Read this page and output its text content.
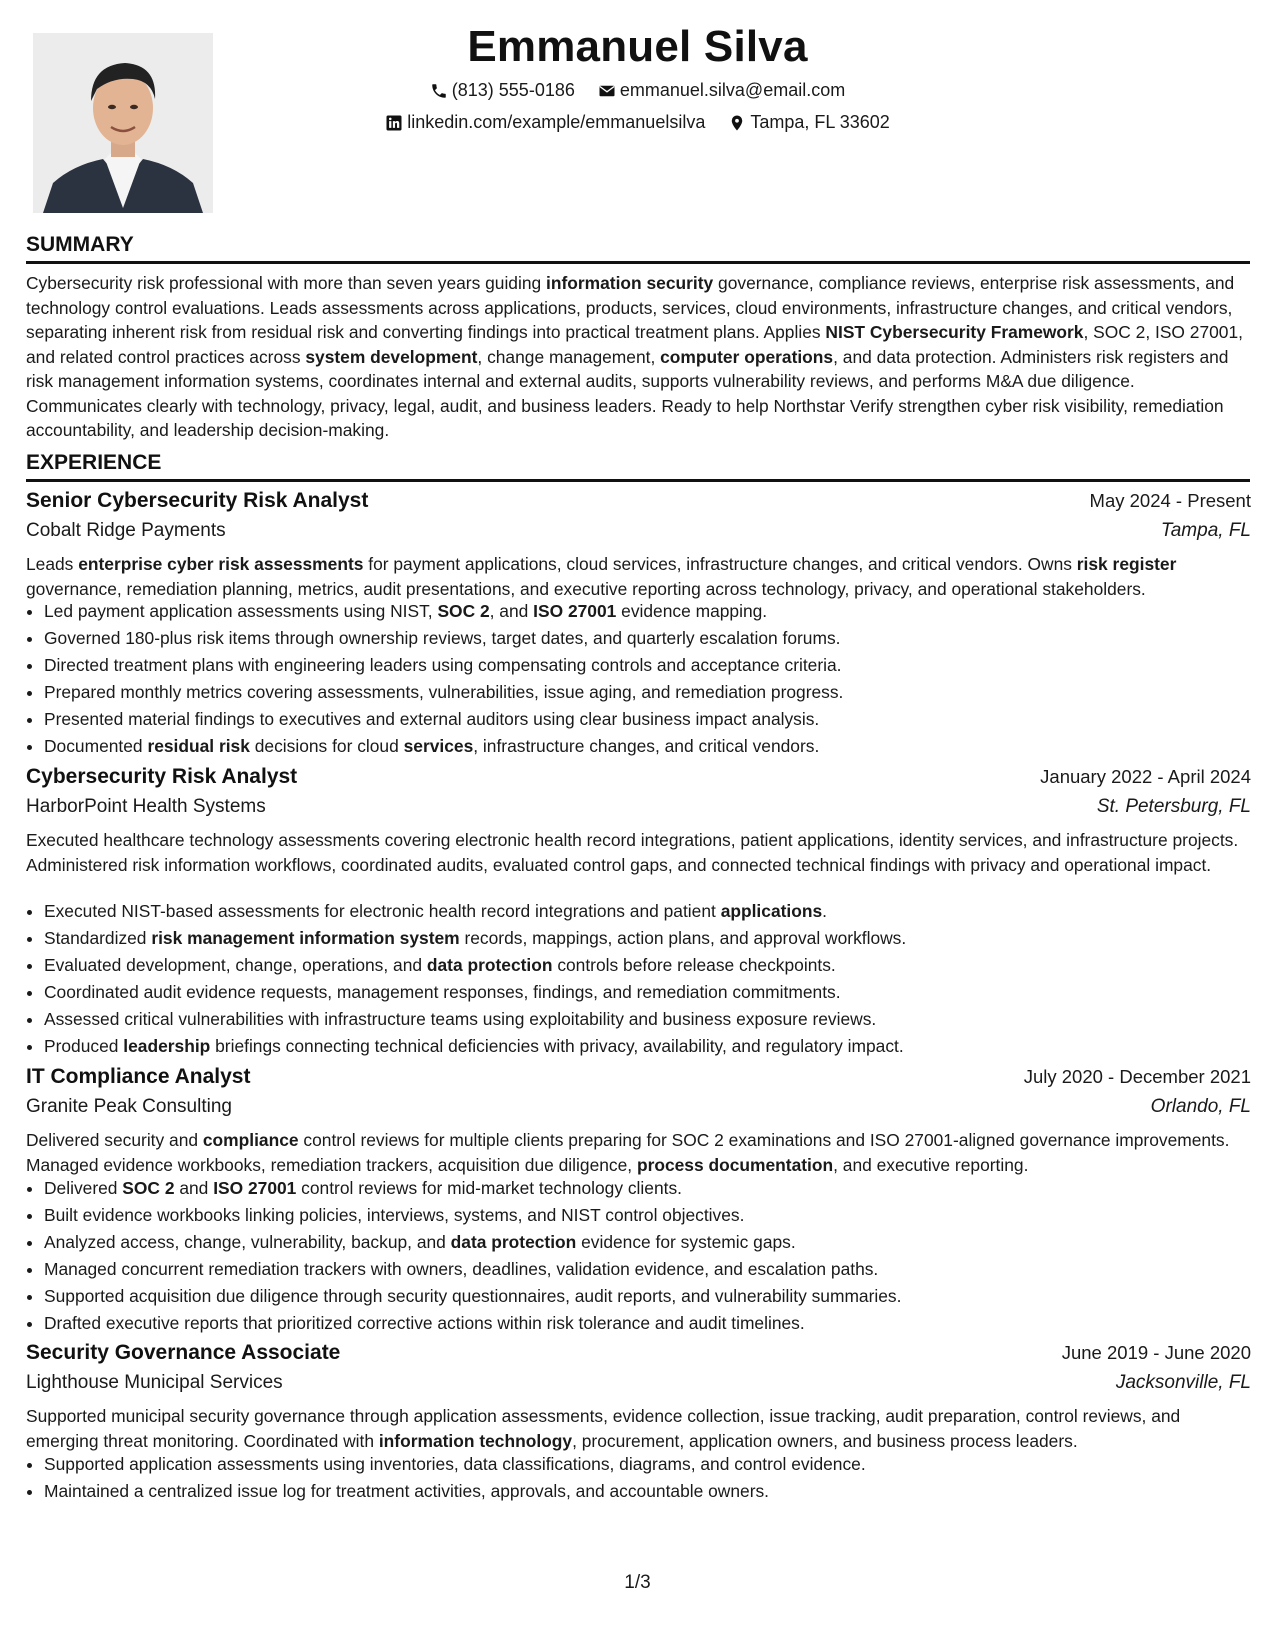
Emmanuel Silva
(813) 555-0186
	emmanuel.silva@email.com
linkedin.com/example/emmanuelsilva
	Tampa, FL 33602
SUMMARY
Cybersecurity risk professional with more than seven years guiding information security governance, compliance reviews, enterprise risk assessments, and technology control evaluations. Leads assessments across applications, products, services, cloud environments, infrastructure changes, and critical vendors, separating inherent risk from residual risk and converting findings into practical treatment plans. Applies NIST Cybersecurity Framework, SOC 2, ISO 27001, and related control practices across system development, change management, computer operations, and data protection. Administers risk registers and risk management information systems, coordinates internal and external audits, supports vulnerability reviews, and performs M&A due diligence. Communicates clearly with technology, privacy, legal, audit, and business leaders. Ready to help Northstar Verify strengthen cyber risk visibility, remediation accountability, and leadership decision-making.
EXPERIENCE
Senior Cybersecurity Risk Analyst	May 2024 - Present
Cobalt Ridge Payments	Tampa, FL
Leads enterprise cyber risk assessments for payment applications, cloud services, infrastructure changes, and critical vendors. Owns risk register governance, remediation planning, metrics, audit presentations, and executive reporting across technology, privacy, and operational stakeholders.
• Led payment application assessments using NIST, SOC 2, and ISO 27001 evidence mapping.
• Governed 180-plus risk items through ownership reviews, target dates, and quarterly escalation forums.
• Directed treatment plans with engineering leaders using compensating controls and acceptance criteria.
• Prepared monthly metrics covering assessments, vulnerabilities, issue aging, and remediation progress.
• Presented material findings to executives and external auditors using clear business impact analysis.
• Documented residual risk decisions for cloud services, infrastructure changes, and critical vendors.
Cybersecurity Risk Analyst	January 2022 - April 2024
HarborPoint Health Systems	St. Petersburg, FL
Executed healthcare technology assessments covering electronic health record integrations, patient applications, identity services, and infrastructure projects. Administered risk information workflows, coordinated audits, evaluated control gaps, and connected technical findings with privacy and operational impact.
• Executed NIST-based assessments for electronic health record integrations and patient applications.
• Standardized risk management information system records, mappings, action plans, and approval workflows.
• Evaluated development, change, operations, and data protection controls before release checkpoints.
• Coordinated audit evidence requests, management responses, findings, and remediation commitments.
• Assessed critical vulnerabilities with infrastructure teams using exploitability and business exposure reviews.
• Produced leadership briefings connecting technical deficiencies with privacy, availability, and regulatory impact.
IT Compliance Analyst	July 2020 - December 2021
Granite Peak Consulting	Orlando, FL
Delivered security and compliance control reviews for multiple clients preparing for SOC 2 examinations and ISO 27001-aligned governance improvements. Managed evidence workbooks, remediation trackers, acquisition due diligence, process documentation, and executive reporting.
• Delivered SOC 2 and ISO 27001 control reviews for mid-market technology clients.
• Built evidence workbooks linking policies, interviews, systems, and NIST control objectives.
• Analyzed access, change, vulnerability, backup, and data protection evidence for systemic gaps.
• Managed concurrent remediation trackers with owners, deadlines, validation evidence, and escalation paths.
• Supported acquisition due diligence through security questionnaires, audit reports, and vulnerability summaries.
• Drafted executive reports that prioritized corrective actions within risk tolerance and audit timelines.
Security Governance Associate	June 2019 - June 2020
Lighthouse Municipal Services	Jacksonville, FL
Supported municipal security governance through application assessments, evidence collection, issue tracking, audit preparation, control reviews, and emerging threat monitoring. Coordinated with information technology, procurement, application owners, and business process leaders.
• Supported application assessments using inventories, data classifications, diagrams, and control evidence.
• Maintained a centralized issue log for treatment activities, approvals, and accountable owners.
1/3
